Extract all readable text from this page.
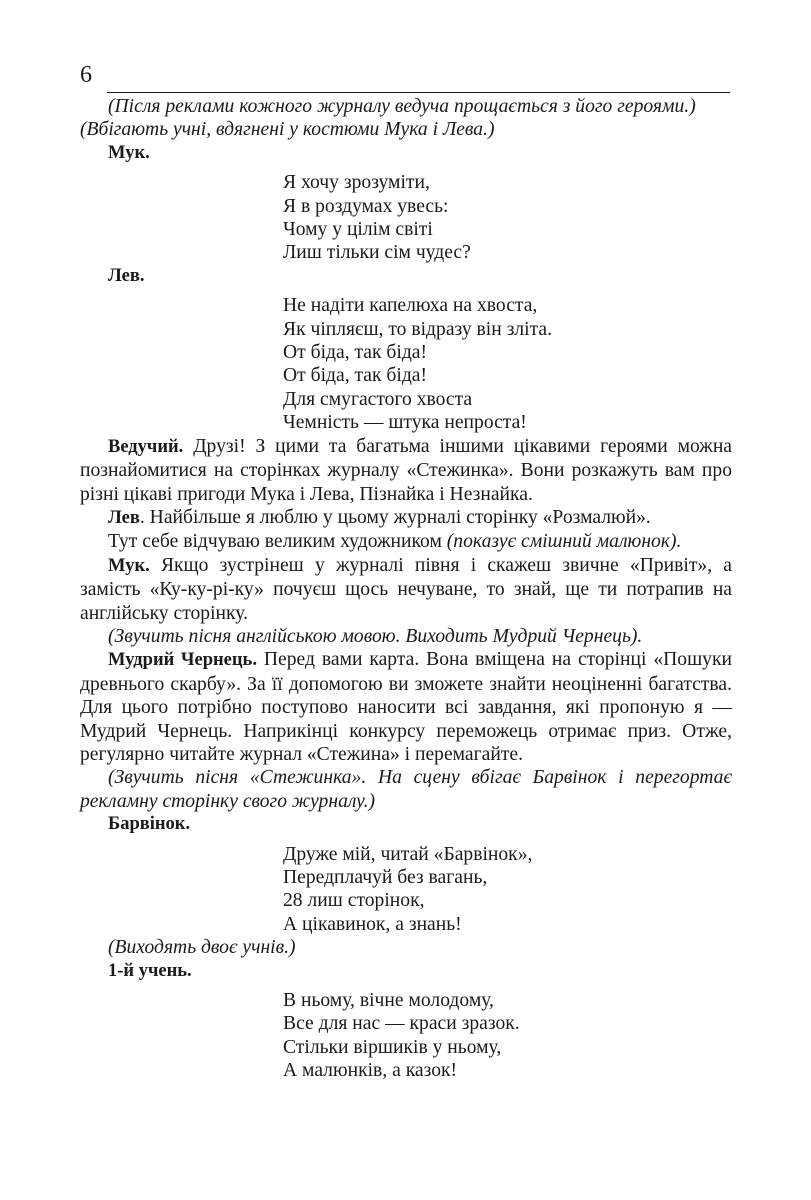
6

(Після реклами кожного журналу ведуча прощається з його героями.)

(Вбігають учні, вдягнені у костюми Мука і Лева.)

Мук.

Я хочу зрозуміти,

Я в роздумах увесь:

Чому у цілім світі

Лиш тільки сім чудес?

Лев.

Не надіти капелюха на хвоста,

Як чіпляєш, то відразу він зліта.

От біда, так біда!

От біда, так біда!

Для смугастого хвоста

Чемність — штука непроста!

Ведучий. Друзі! З цими та багатьма іншими цікавими героями можна познайомитися на сторінках журналу «Стежинка». Вони розкажуть вам про різні цікаві пригоди Мука і Лева, Пізнайка і Незнайка.

Лев. Найбільше я люблю у цьому журналі сторінку «Розмалюй».

Тут себе відчуваю великим художником (показує смішний малюнок).

Мук. Якщо зустрінеш у журналі півня і скажеш звичне «Привіт», а замість «Ку-ку-рі-ку» почуєш щось нечуване, то знай, ще ти потрапив на англійську сторінку.

(Звучить пісня англійською мовою. Виходить Мудрий Чернець).

Мудрий Чернець. Перед вами карта. Вона вміщена на сторінці «Пошуки древнього скарбу». За її допомогою ви зможете знайти неоціненні багатства. Для цього потрібно поступово наносити всі завдання, які пропоную я — Мудрий Чернець. Наприкінці конкурсу переможець отримає приз. Отже, регулярно читайте журнал «Стежина» і перемагайте.

(Звучить пісня «Стежинка». На сцену вбігає Барвінок і перегортає рекламну сторінку свого журналу.)

Барвінок.

Друже мій, читай «Барвінок»,

Передплачуй без вагань,

28 лиш сторінок,

А цікавинок, а знань!

(Виходять двоє учнів.)

1-й учень.

В ньому, вічне молодому,

Все для нас — краси зразок.

Стільки віршиків у ньому,

А малюнків, а казок!
